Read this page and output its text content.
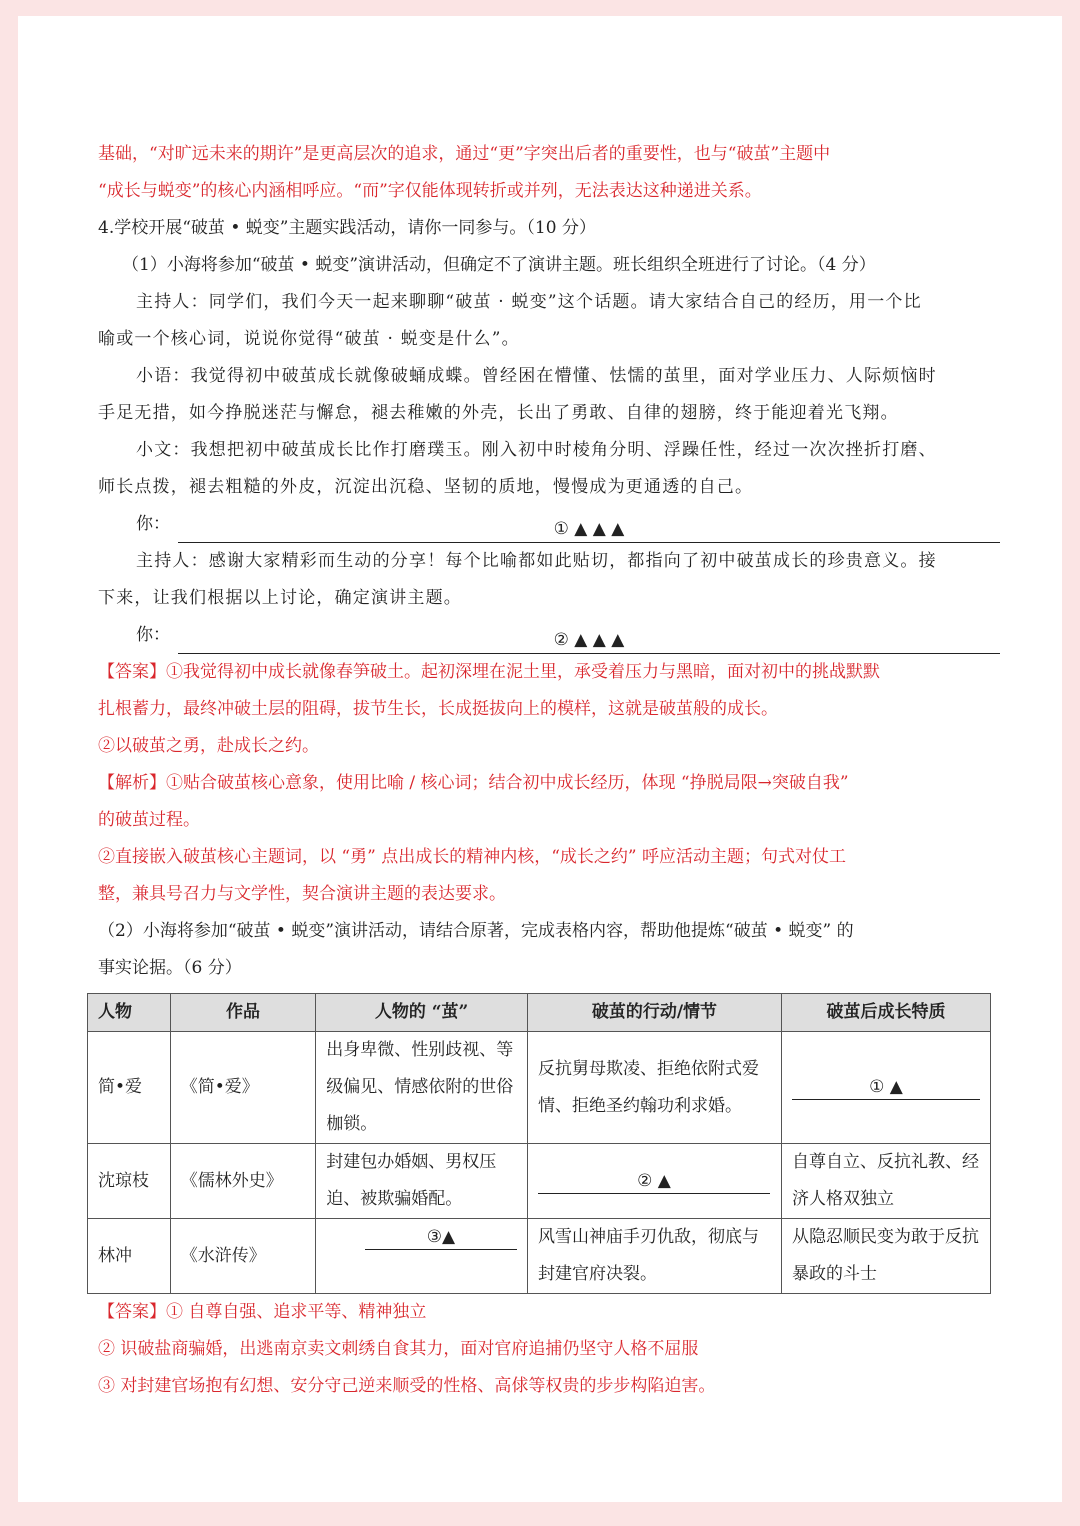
基础，“对旷远未来的期许”是更高层次的追求，通过“更”字突出后者的重要性，也与“破茧”主题中

“成长与蜕变”的核心内涵相呼应。“而”字仅能体现转折或并列，无法表达这种递进关系。

4.学校开展“破茧 • 蜕变”主题实践活动，请你一同参与。（10 分）

（1）小海将参加“破茧 • 蜕变”演讲活动，但确定不了演讲主题。班长组织全班进行了讨论。（4 分）

主持人：同学们，我们今天一起来聊聊“破茧 · 蜕变”这个话题。请大家结合自己的经历，用一个比

喻或一个核心词，说说你觉得“破茧 · 蜕变是什么”。

小语：我觉得初中破茧成长就像破蛹成蝶。曾经困在懵懂、怯懦的茧里，面对学业压力、人际烦恼时

手足无措，如今挣脱迷茫与懈怠，褪去稚嫩的外壳，长出了勇敢、自律的翅膀，终于能迎着光飞翔。

小文：我想把初中破茧成长比作打磨璞玉。刚入初中时棱角分明、浮躁任性，经过一次次挫折打磨、

师长点拨，褪去粗糙的外皮，沉淀出沉稳、坚韧的质地，慢慢成为更通透的自己。

你：	① ▲ ▲ ▲

主持人：感谢大家精彩而生动的分享！每个比喻都如此贴切，都指向了初中破茧成长的珍贵意义。接

下来，让我们根据以上讨论，确定演讲主题。

你：	② ▲ ▲ ▲

【答案】①我觉得初中成长就像春笋破土。起初深埋在泥土里，承受着压力与黑暗，面对初中的挑战默默

扎根蓄力，最终冲破土层的阻碍，拔节生长，长成挺拔向上的模样，这就是破茧般的成长。

②以破茧之勇，赴成长之约。

【解析】①贴合破茧核心意象，使用比喻 / 核心词；结合初中成长经历，体现 “挣脱局限→突破自我”

的破茧过程。

②直接嵌入破茧核心主题词，以 “勇” 点出成长的精神内核，“成长之约” 呼应活动主题；句式对仗工

整，兼具号召力与文学性，契合演讲主题的表达要求。

（2）小海将参加“破茧 • 蜕变”演讲活动，请结合原著，完成表格内容，帮助他提炼“破茧 • 蜕变” 的

事实论据。（6 分）

人物	作品	人物的 “茧”	破茧的行动/情节	破茧后成长特质
简•爱	《简•爱》	出身卑微、性别歧视、等级偏见、情感依附的世俗枷锁。	反抗舅母欺凌、拒绝依附式爱情、拒绝圣约翰功利求婚。	① ▲
沈琼枝	《儒林外史》	封建包办婚姻、男权压迫、被欺骗婚配。	② ▲	自尊自立、反抗礼教、经济人格双独立
林冲	《水浒传》	③▲	风雪山神庙手刃仇敌，彻底与封建官府决裂。	从隐忍顺民变为敢于反抗暴政的斗士

【答案】① 自尊自强、追求平等、精神独立

② 识破盐商骗婚，出逃南京卖文刺绣自食其力，面对官府追捕仍坚守人格不屈服

③ 对封建官场抱有幻想、安分守己逆来顺受的性格、高俅等权贵的步步构陷迫害。
